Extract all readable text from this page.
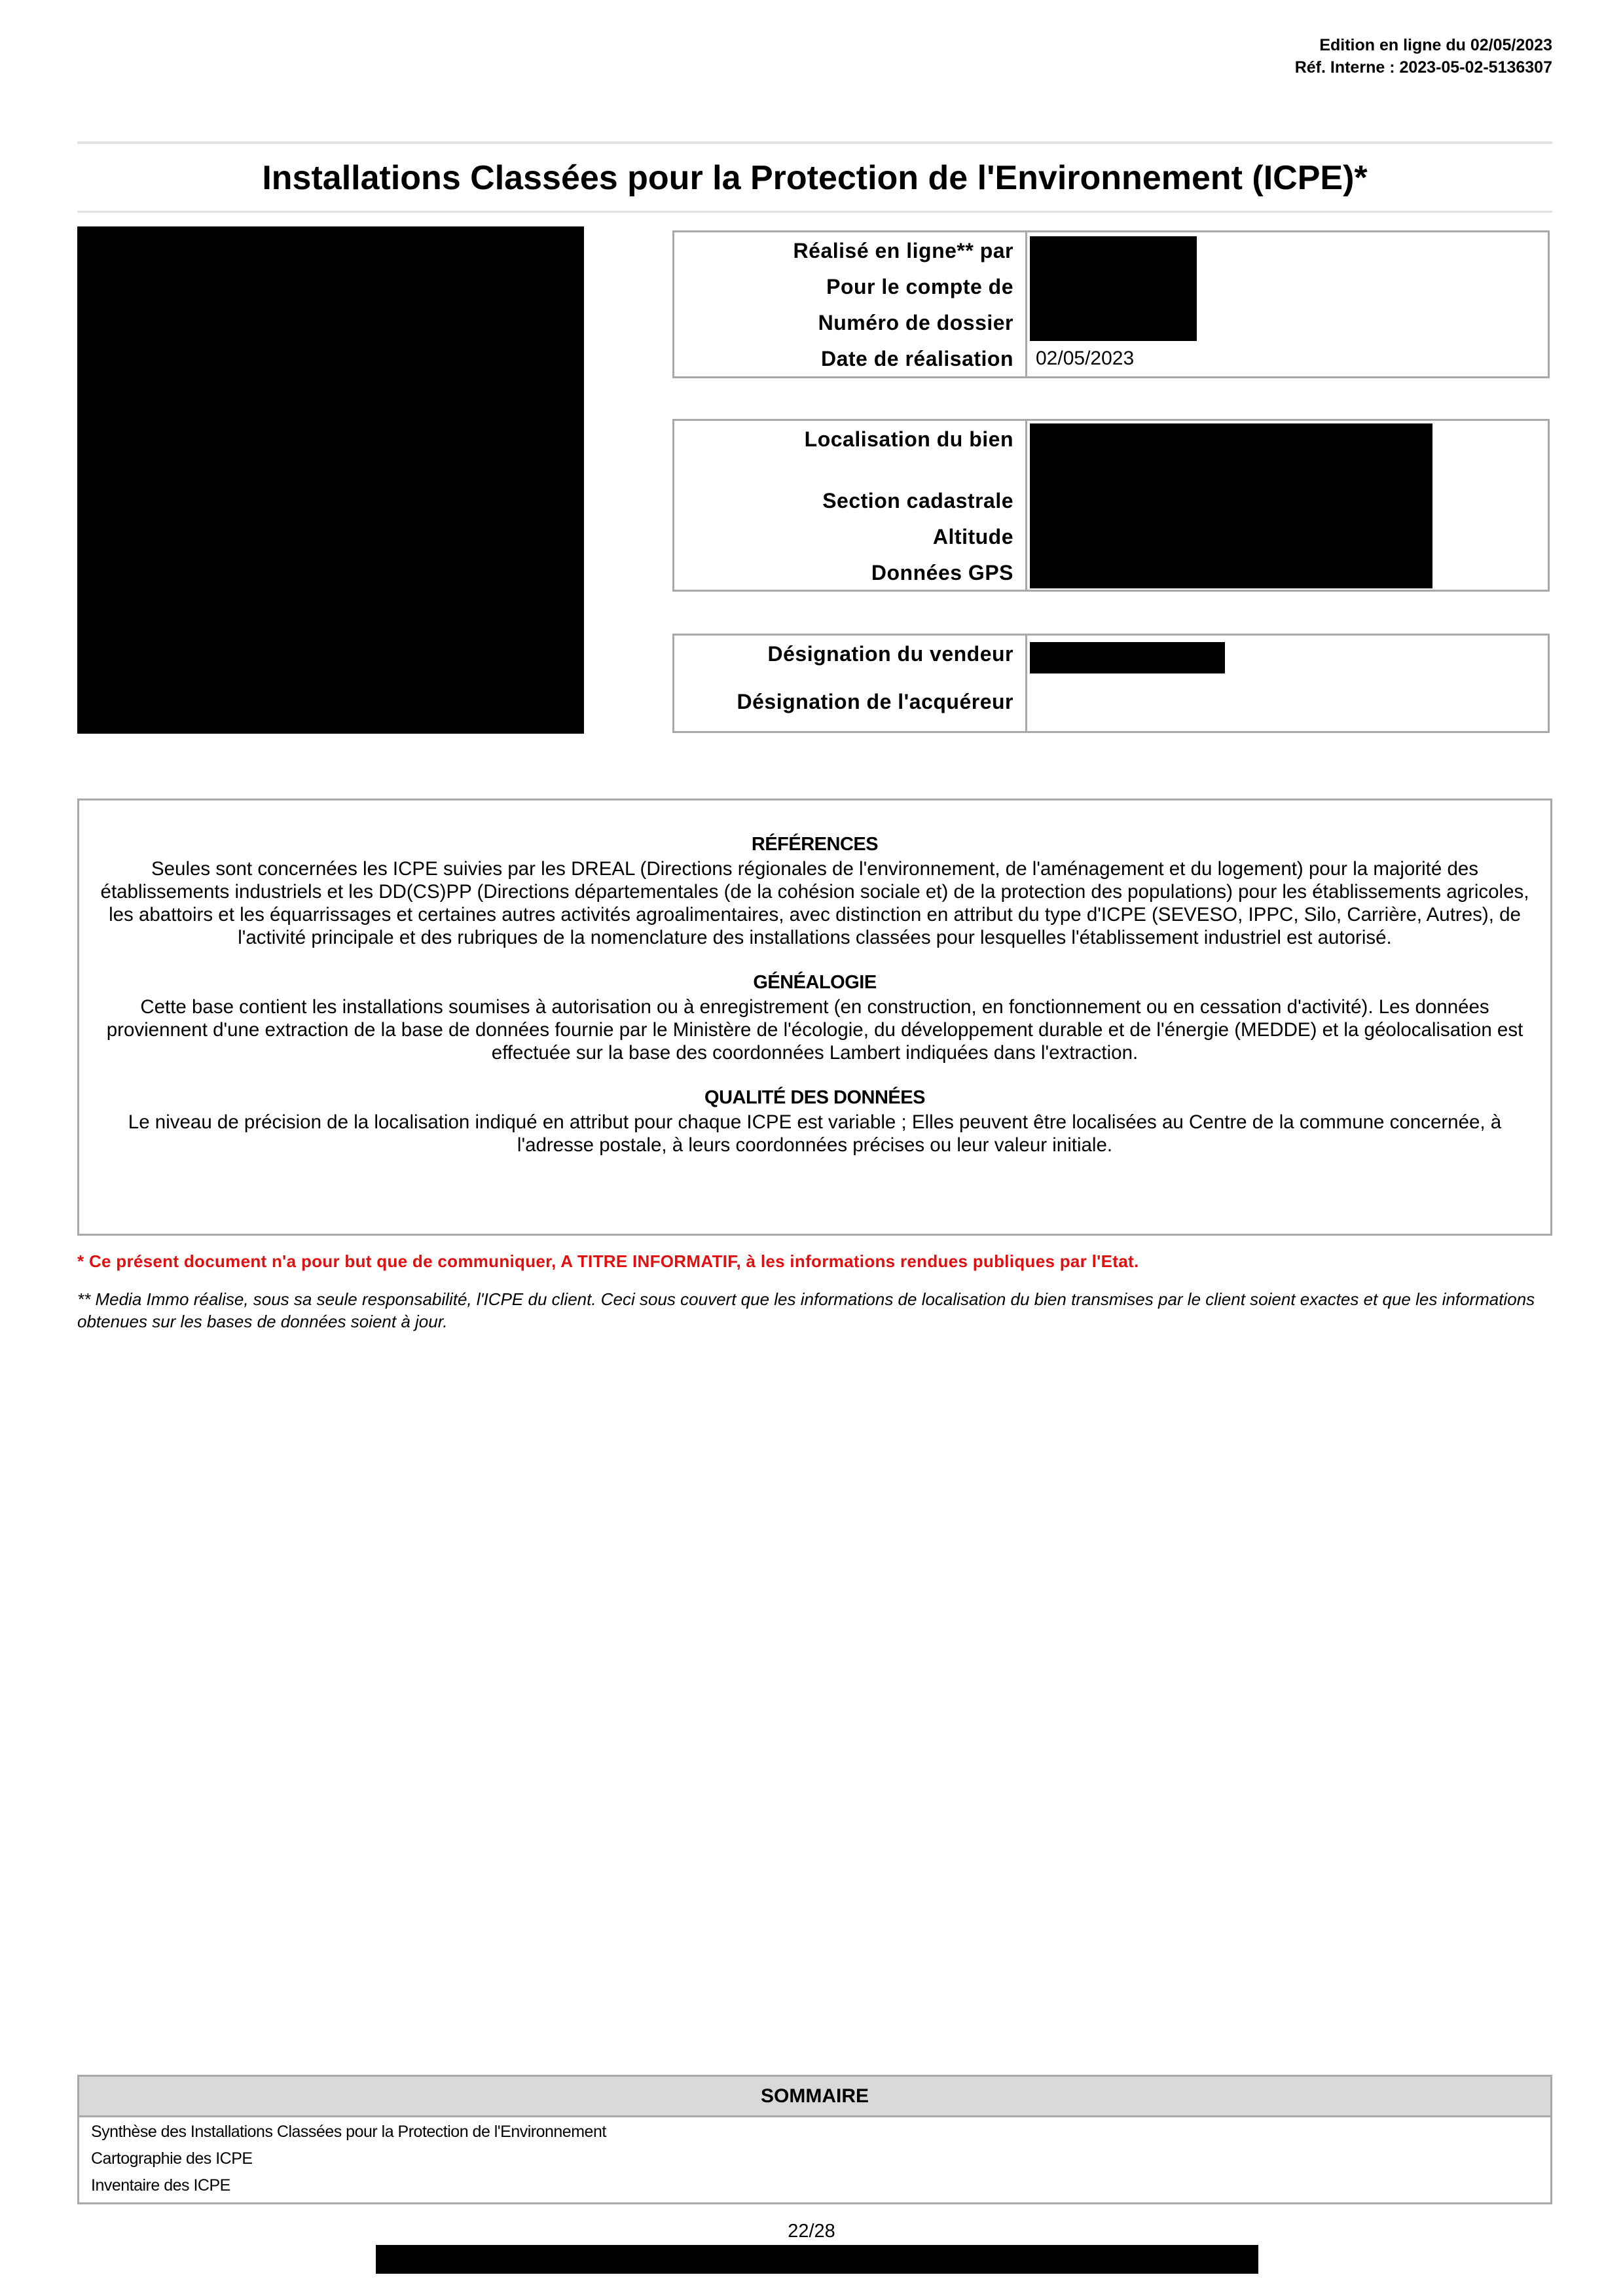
Edition en ligne du 02/05/2023
Réf. Interne : 2023-05-02-5136307
Installations Classées pour la Protection de l'Environnement (ICPE)*
Réalisé en ligne** par
Pour le compte de
Numéro de dossier
Date de réalisation 02/05/2023
Localisation du bien
Section cadastrale
Altitude
Données GPS
Désignation du vendeur
Désignation de l'acquéreur
RÉFÉRENCES

Seules sont concernées les ICPE suivies par les DREAL (Directions régionales de l'environnement, de l'aménagement et du logement) pour la majorité des établissements industriels et les DD(CS)PP (Directions départementales (de la cohésion sociale et) de la protection des populations) pour les établissements agricoles, les abattoirs et les équarrissages et certaines autres activités agroalimentaires, avec distinction en attribut du type d'ICPE (SEVESO, IPPC, Silo, Carrière, Autres), de l'activité principale et des rubriques de la nomenclature des installations classées pour lesquelles l'établissement industriel est autorisé.

GÉNÉALOGIE

Cette base contient les installations soumises à autorisation ou à enregistrement (en construction, en fonctionnement ou en cessation d'activité). Les données proviennent d'une extraction de la base de données fournie par le Ministère de l'écologie, du développement durable et de l'énergie (MEDDE) et la géolocalisation est effectuée sur la base des coordonnées Lambert indiquées dans l'extraction.

QUALITÉ DES DONNÉES

Le niveau de précision de la localisation indiqué en attribut pour chaque ICPE est variable ; Elles peuvent être localisées au Centre de la commune concernée, à l'adresse postale, à leurs coordonnées précises ou leur valeur initiale.

* Ce présent document n'a pour but que de communiquer, A TITRE INFORMATIF, à les informations rendues publiques par l'Etat.
** Media Immo réalise, sous sa seule responsabilité, l'ICPE du client. Ceci sous couvert que les informations de localisation du bien transmises par le client soient exactes et que les informations obtenues sur les bases de données soient à jour.
SOMMAIRE
Synthèse des Installations Classées pour la Protection de l'Environnement
Cartographie des ICPE
Inventaire des ICPE
22/28
